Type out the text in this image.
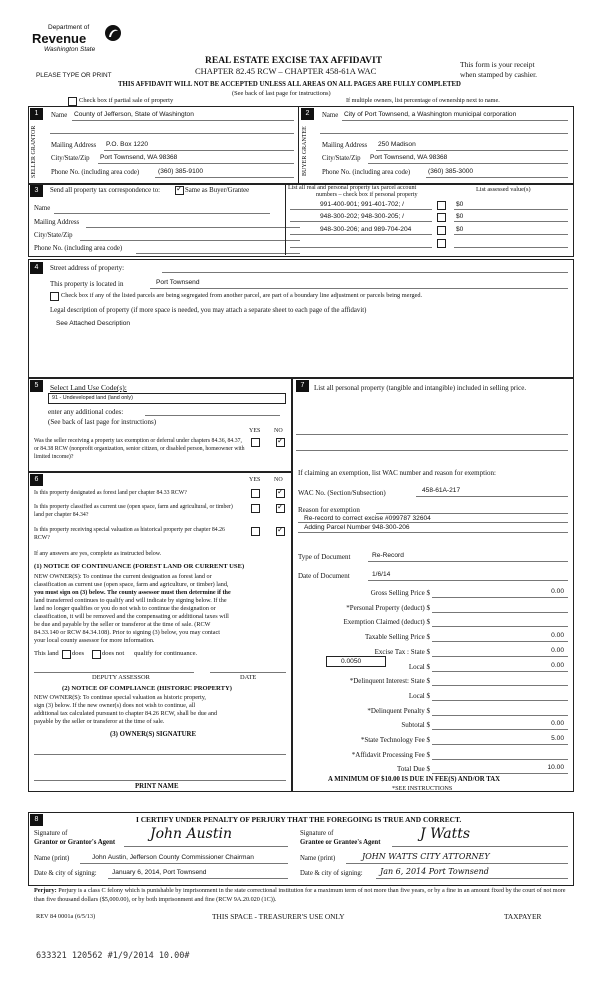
Department of
Revenue
Washington State
PLEASE TYPE OR PRINT
REAL ESTATE EXCISE TAX AFFIDAVIT
CHAPTER 82.45 RCW – CHAPTER 458-61A WAC
This form is your receipt
when stamped by cashier.
THIS AFFIDAVIT WILL NOT BE ACCEPTED UNLESS ALL AREAS ON ALL PAGES ARE FULLY COMPLETED
(See back of last page for instructions)
Check box if partial sale of property	If multiple owners, list percentage of ownership next to name.
1	2
SELLER GRANTOR	BUYER GRANTEE
Name County of Jefferson, State of Washington
Mailing Address P.O. Box 1220
City/State/Zip Port Townsend, WA 98368
Phone No. (including area code)	(360) 385-9100
Name City of Port Townsend, a Washington municipal corporation
Mailing Address 250 Madison
City/State/Zip Port Townsend, WA 98368
Phone No. (including area code)	(360) 385-3000
3	Send all property tax correspondence to:
✓	Same as Buyer/Grantee
Name
Mailing Address
City/State/Zip
Phone No. (including area code)
List all real and personal property tax parcel account
numbers – check box if personal property
List assessed value(s)
991-400-901; 991-401-702; /	$0
948-300-202; 948-300-205; /	$0
948-300-206; and 989-704-204	$0
4	Street address of property:
This property is located in	Port Townsend
Check box if any of the listed parcels are being segregated from another parcel, are part of a boundary line adjustment or parcels being merged.
Legal description of property (if more space is needed, you may attach a separate sheet to each page of the affidavit)
See Attached Description
5	Select Land Use Code(s):
91 - Undeveloped land (land only)
enter any additional codes:
(See back of last page for instructions)
YES NO
Was the seller receiving a property tax exemption or deferral under chapters 84.36, 84.37, or 84.38 RCW (nonprofit organization, senior citizen, or disabled person, homeowner with limited income)?
✓
6	YES NO
Is this property designated as forest land per chapter 84.33 RCW?
✓
Is this property classified as current use (open space, farm and agricultural, or timber) land per chapter 84.34?
✓
Is this property receiving special valuation as historical property per chapter 84.26 RCW?
✓
If any answers are yes, complete as instructed below.
(1) NOTICE OF CONTINUANCE (FOREST LAND OR CURRENT USE)
NEW OWNER(S): To continue the current designation as forest land or
classification as current use (open space, farm and agriculture, or timber) land,
you must sign on (3) below. The county assessor must then determine if the
land transferred continues to qualify and will indicate by signing below. If the
land no longer qualifies or you do not wish to continue the designation or
classification, it will be removed and the compensating or additional taxes will
be due and payable by the seller or transferor at the time of sale. (RCW
84.33.140 or RCW 84.34.108). Prior to signing (3) below, you may contact
your local county assessor for more information.
This land does	does not qualify for continuance.
DEPUTY ASSESSOR	DATE
(2) NOTICE OF COMPLIANCE (HISTORIC PROPERTY)
NEW OWNER(S): To continue special valuation as historic property,
sign (3) below. If the new owner(s) does not wish to continue, all
additional tax calculated pursuant to chapter 84.26 RCW, shall be due and
payable by the seller or transferor at the time of sale.
(3) OWNER(S) SIGNATURE
PRINT NAME
7	List all personal property (tangible and intangible) included in selling price.
If claiming an exemption, list WAC number and reason for exemption:
WAC No. (Section/Subsection)	458-61A-217
Reason for exemption
Re-record to correct excise #099787 32604
Adding Parcel Number 948-300-206
Type of Document	Re-Record
Date of Document	1/6/14
Gross Selling Price $	0.00
*Personal Property (deduct) $
Exemption Claimed (deduct) $
Taxable Selling Price $	0.00
Excise Tax : State $	0.00
Local $	0.00
*Delinquent Interest: State $
Local $
*Delinquent Penalty $
Subtotal $	0.00
*State Technology Fee $	5.00
*Affidavit Processing Fee $
Total Due $	10.00
0.0050
A MINIMUM OF $10.00 IS DUE IN FEE(S) AND/OR TAX
*SEE INSTRUCTIONS
8	I CERTIFY UNDER PENALTY OF PERJURY THAT THE FOREGOING IS TRUE AND CORRECT.
Signature of
Grantor or Grantor's Agent
John Austin
Name (print)	John Austin, Jefferson County Commissioner Chairman
Date & city of signing: January 6, 2014, Port Townsend
Signature of
Grantee or Grantee's Agent
J Watts
Name (print)	JOHN WATTS CITY ATTORNEY
Date & city of signing: Jan 6, 2014 Port Townsend
Perjury: Perjury is a class C felony which is punishable by imprisonment in the state correctional institution for a maximum term of not more than five years, or by a fine in an amount fixed by the court of not more than five thousand dollars ($5,000.00), or by both imprisonment and fine (RCW 9A.20.020 (1C)).
REV 84 0001a (6/5/13)	THIS SPACE - TREASURER'S USE ONLY	TAXPAYER
633321 120562 #1/9/2014 10.00#
